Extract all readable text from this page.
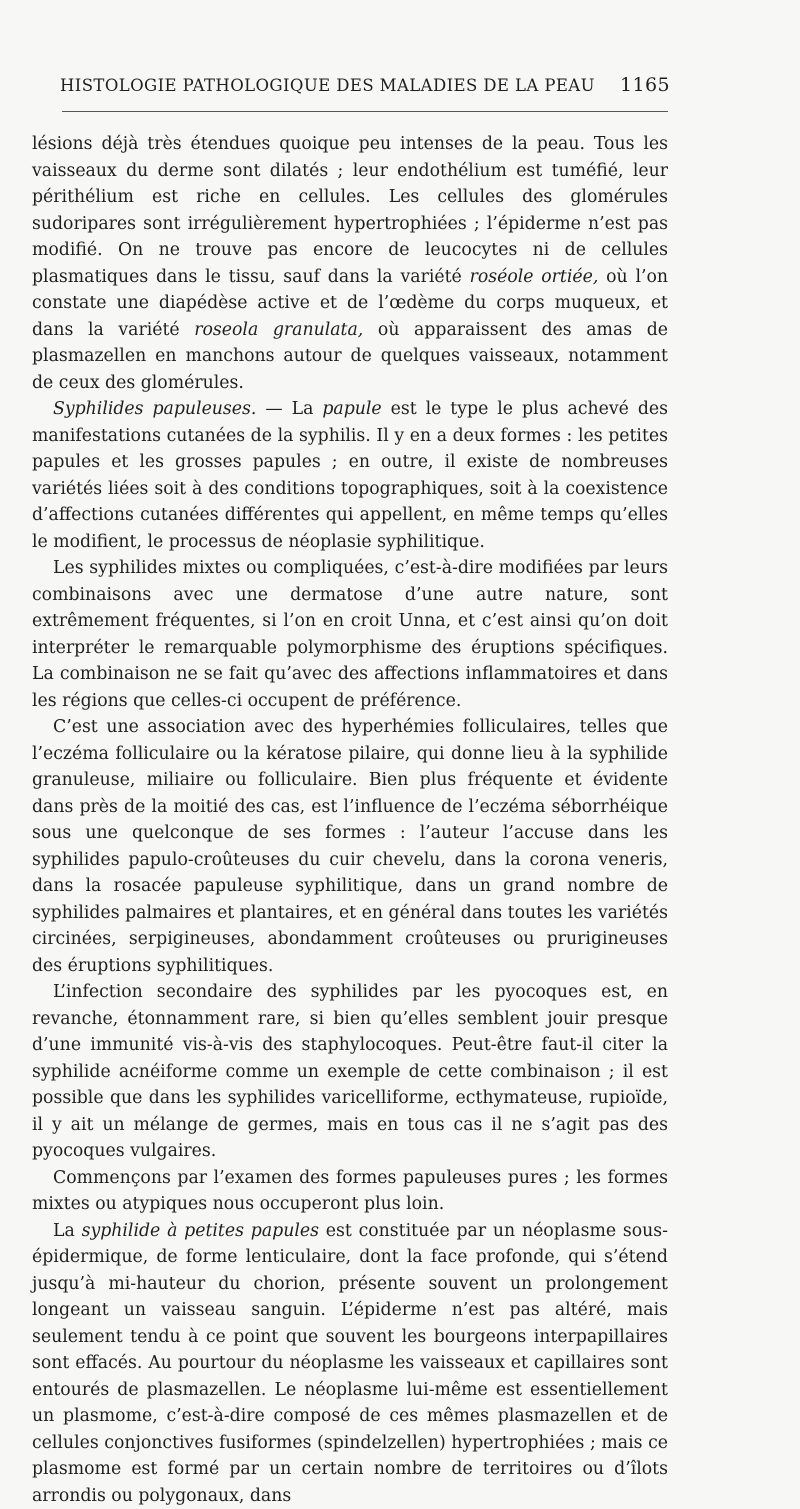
HISTOLOGIE PATHOLOGIQUE DES MALADIES DE LA PEAU 1165

lésions déjà très étendues quoique peu intenses de la peau. Tous les vaisseaux du derme sont dilatés ; leur endothélium est tuméfié, leur périthélium est riche en cellules. Les cellules des glomérules sudoripares sont irrégulièrement hypertrophiées ; l’épiderme n’est pas modifié. On ne trouve pas encore de leucocytes ni de cellules plasmatiques dans le tissu, sauf dans la variété roséole ortiée, où l’on constate une diapédèse active et de l’œdème du corps muqueux, et dans la variété roseola granulata, où apparaissent des amas de plasmazellen en manchons autour de quelques vaisseaux, notamment de ceux des glomérules.

Syphilides papuleuses. — La papule est le type le plus achevé des manifestations cutanées de la syphilis. Il y en a deux formes : les petites papules et les grosses papules ; en outre, il existe de nombreuses variétés liées soit à des conditions topographiques, soit à la coexistence d’affections cutanées différentes qui appellent, en même temps qu’elles le modifient, le processus de néoplasie syphilitique.

Les syphilides mixtes ou compliquées, c’est-à-dire modifiées par leurs combinaisons avec une dermatose d’une autre nature, sont extrêmement fréquentes, si l’on en croit Unna, et c’est ainsi qu’on doit interpréter le remarquable polymorphisme des éruptions spécifiques. La combinaison ne se fait qu’avec des affections inflammatoires et dans les régions que celles-ci occupent de préférence.

C’est une association avec des hyperhémies folliculaires, telles que l’eczéma folliculaire ou la kératose pilaire, qui donne lieu à la syphilide granuleuse, miliaire ou folliculaire. Bien plus fréquente et évidente dans près de la moitié des cas, est l’influence de l’eczéma séborrhéique sous une quelconque de ses formes : l’auteur l’accuse dans les syphilides papulo-croûteuses du cuir chevelu, dans la corona veneris, dans la rosacée papuleuse syphilitique, dans un grand nombre de syphilides palmaires et plantaires, et en général dans toutes les variétés circinées, serpigineuses, abondamment croûteuses ou prurigineuses des éruptions syphilitiques.

L’infection secondaire des syphilides par les pyocoques est, en revanche, étonnamment rare, si bien qu’elles semblent jouir presque d’une immunité vis-à-vis des staphylocoques. Peut-être faut-il citer la syphilide acnéiforme comme un exemple de cette combinaison ; il est possible que dans les syphilides varicelliforme, ecthymateuse, rupioïde, il y ait un mélange de germes, mais en tous cas il ne s’agit pas des pyocoques vulgaires.

Commençons par l’examen des formes papuleuses pures ; les formes mixtes ou atypiques nous occuperont plus loin.

La syphilide à petites papules est constituée par un néoplasme sous-épidermique, de forme lenticulaire, dont la face profonde, qui s’étend jusqu’à mi-hauteur du chorion, présente souvent un prolongement longeant un vaisseau sanguin. L’épiderme n’est pas altéré, mais seulement tendu à ce point que souvent les bourgeons interpapillaires sont effacés. Au pourtour du néoplasme les vaisseaux et capillaires sont entourés de plasmazellen. Le néoplasme lui-même est essentiellement un plasmome, c’est-à-dire composé de ces mêmes plasmazellen et de cellules conjonctives fusiformes (spindelzellen) hypertrophiées ; mais ce plasmome est formé par un certain nombre de territoires ou d’îlots arrondis ou polygonaux, dans
